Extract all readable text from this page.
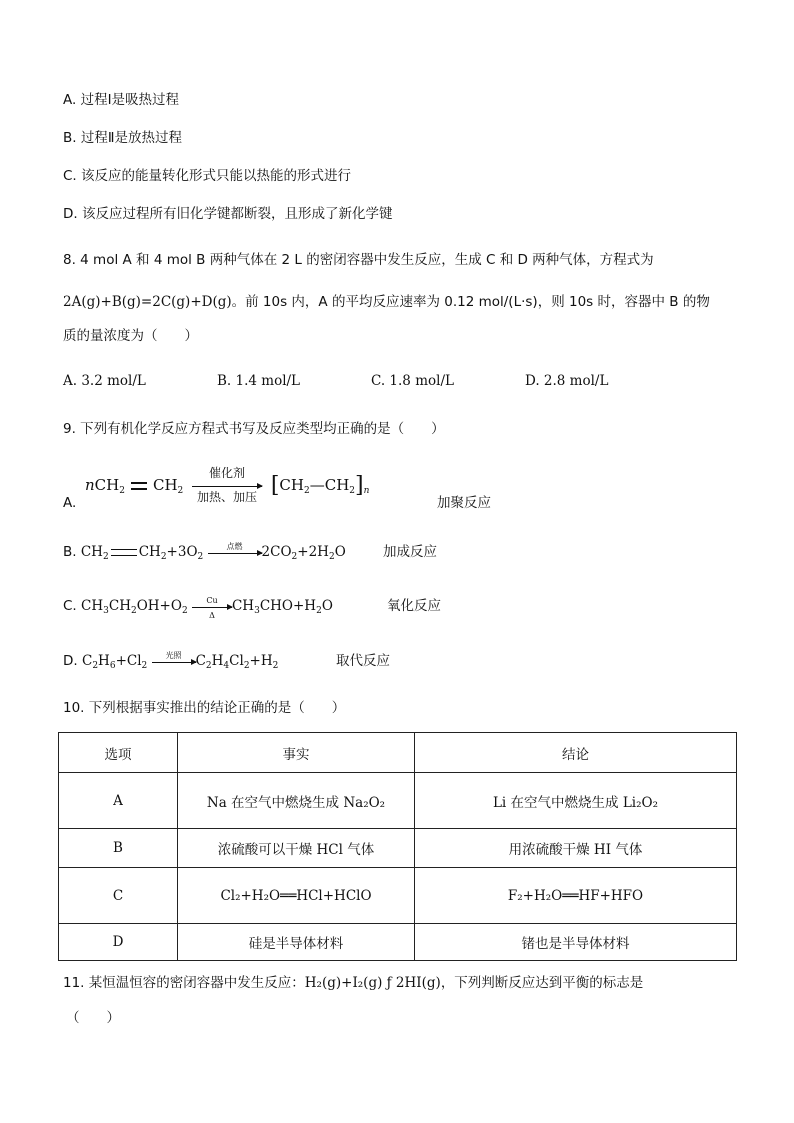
A. 过程Ⅰ是吸热过程
B. 过程Ⅱ是放热过程
C. 该反应的能量转化形式只能以热能的形式进行
D. 该反应过程所有旧化学键都断裂，且形成了新化学键
8. 4 mol A 和 4 mol B 两种气体在 2 L 的密闭容器中发生反应，生成 C 和 D 两种气体，方程式为
2A(g)+B(g)=2C(g)+D(g)。前 10s 内，A 的平均反应速率为 0.12 mol/(L·s)，则 10s 时，容器中 B 的物
质的量浓度为（　　）
A. 3.2 mol/L	B. 1.4 mol/L	C. 1.8 mol/L	D. 2.8 mol/L
9. 下列有机化学反应方程式书写及反应类型均正确的是（　　）
A.
nCH$_2$ $CH_2$
催化剂
加热、加压 $[CH_2—CH_2]_n$
加聚反应
B. $CH_2$ $CH_2+3O_2$
点燃	$2CO_2+2H_2O$	加成反应
C. $CH_3CH_2OH+O_2 \frac{Cu}{\Delta} CH_3CHO+H_2O$	氧化反应
D. $C_2H_6+Cl_2$
光照	$C_2H_4Cl_2+H_2$	取代反应
10. 下列根据事实推出的结论正确的是（　　）
选项	事实	结论
A	Na 在空气中燃烧生成 Na₂O₂	Li 在空气中燃烧生成 Li₂O₂
B	浓硫酸可以干燥 HCl 气体	用浓硫酸干燥 HI 气体
C	Cl₂+H₂O══HCl+HClO	F₂+H₂O══HF+HFO
D	硅是半导体材料	锗也是半导体材料
11. 某恒温恒容的密闭容器中发生反应：H₂(g)+I₂(g) ƒ 2HI(g)，下列判断反应达到平衡的标志是
（　　）
